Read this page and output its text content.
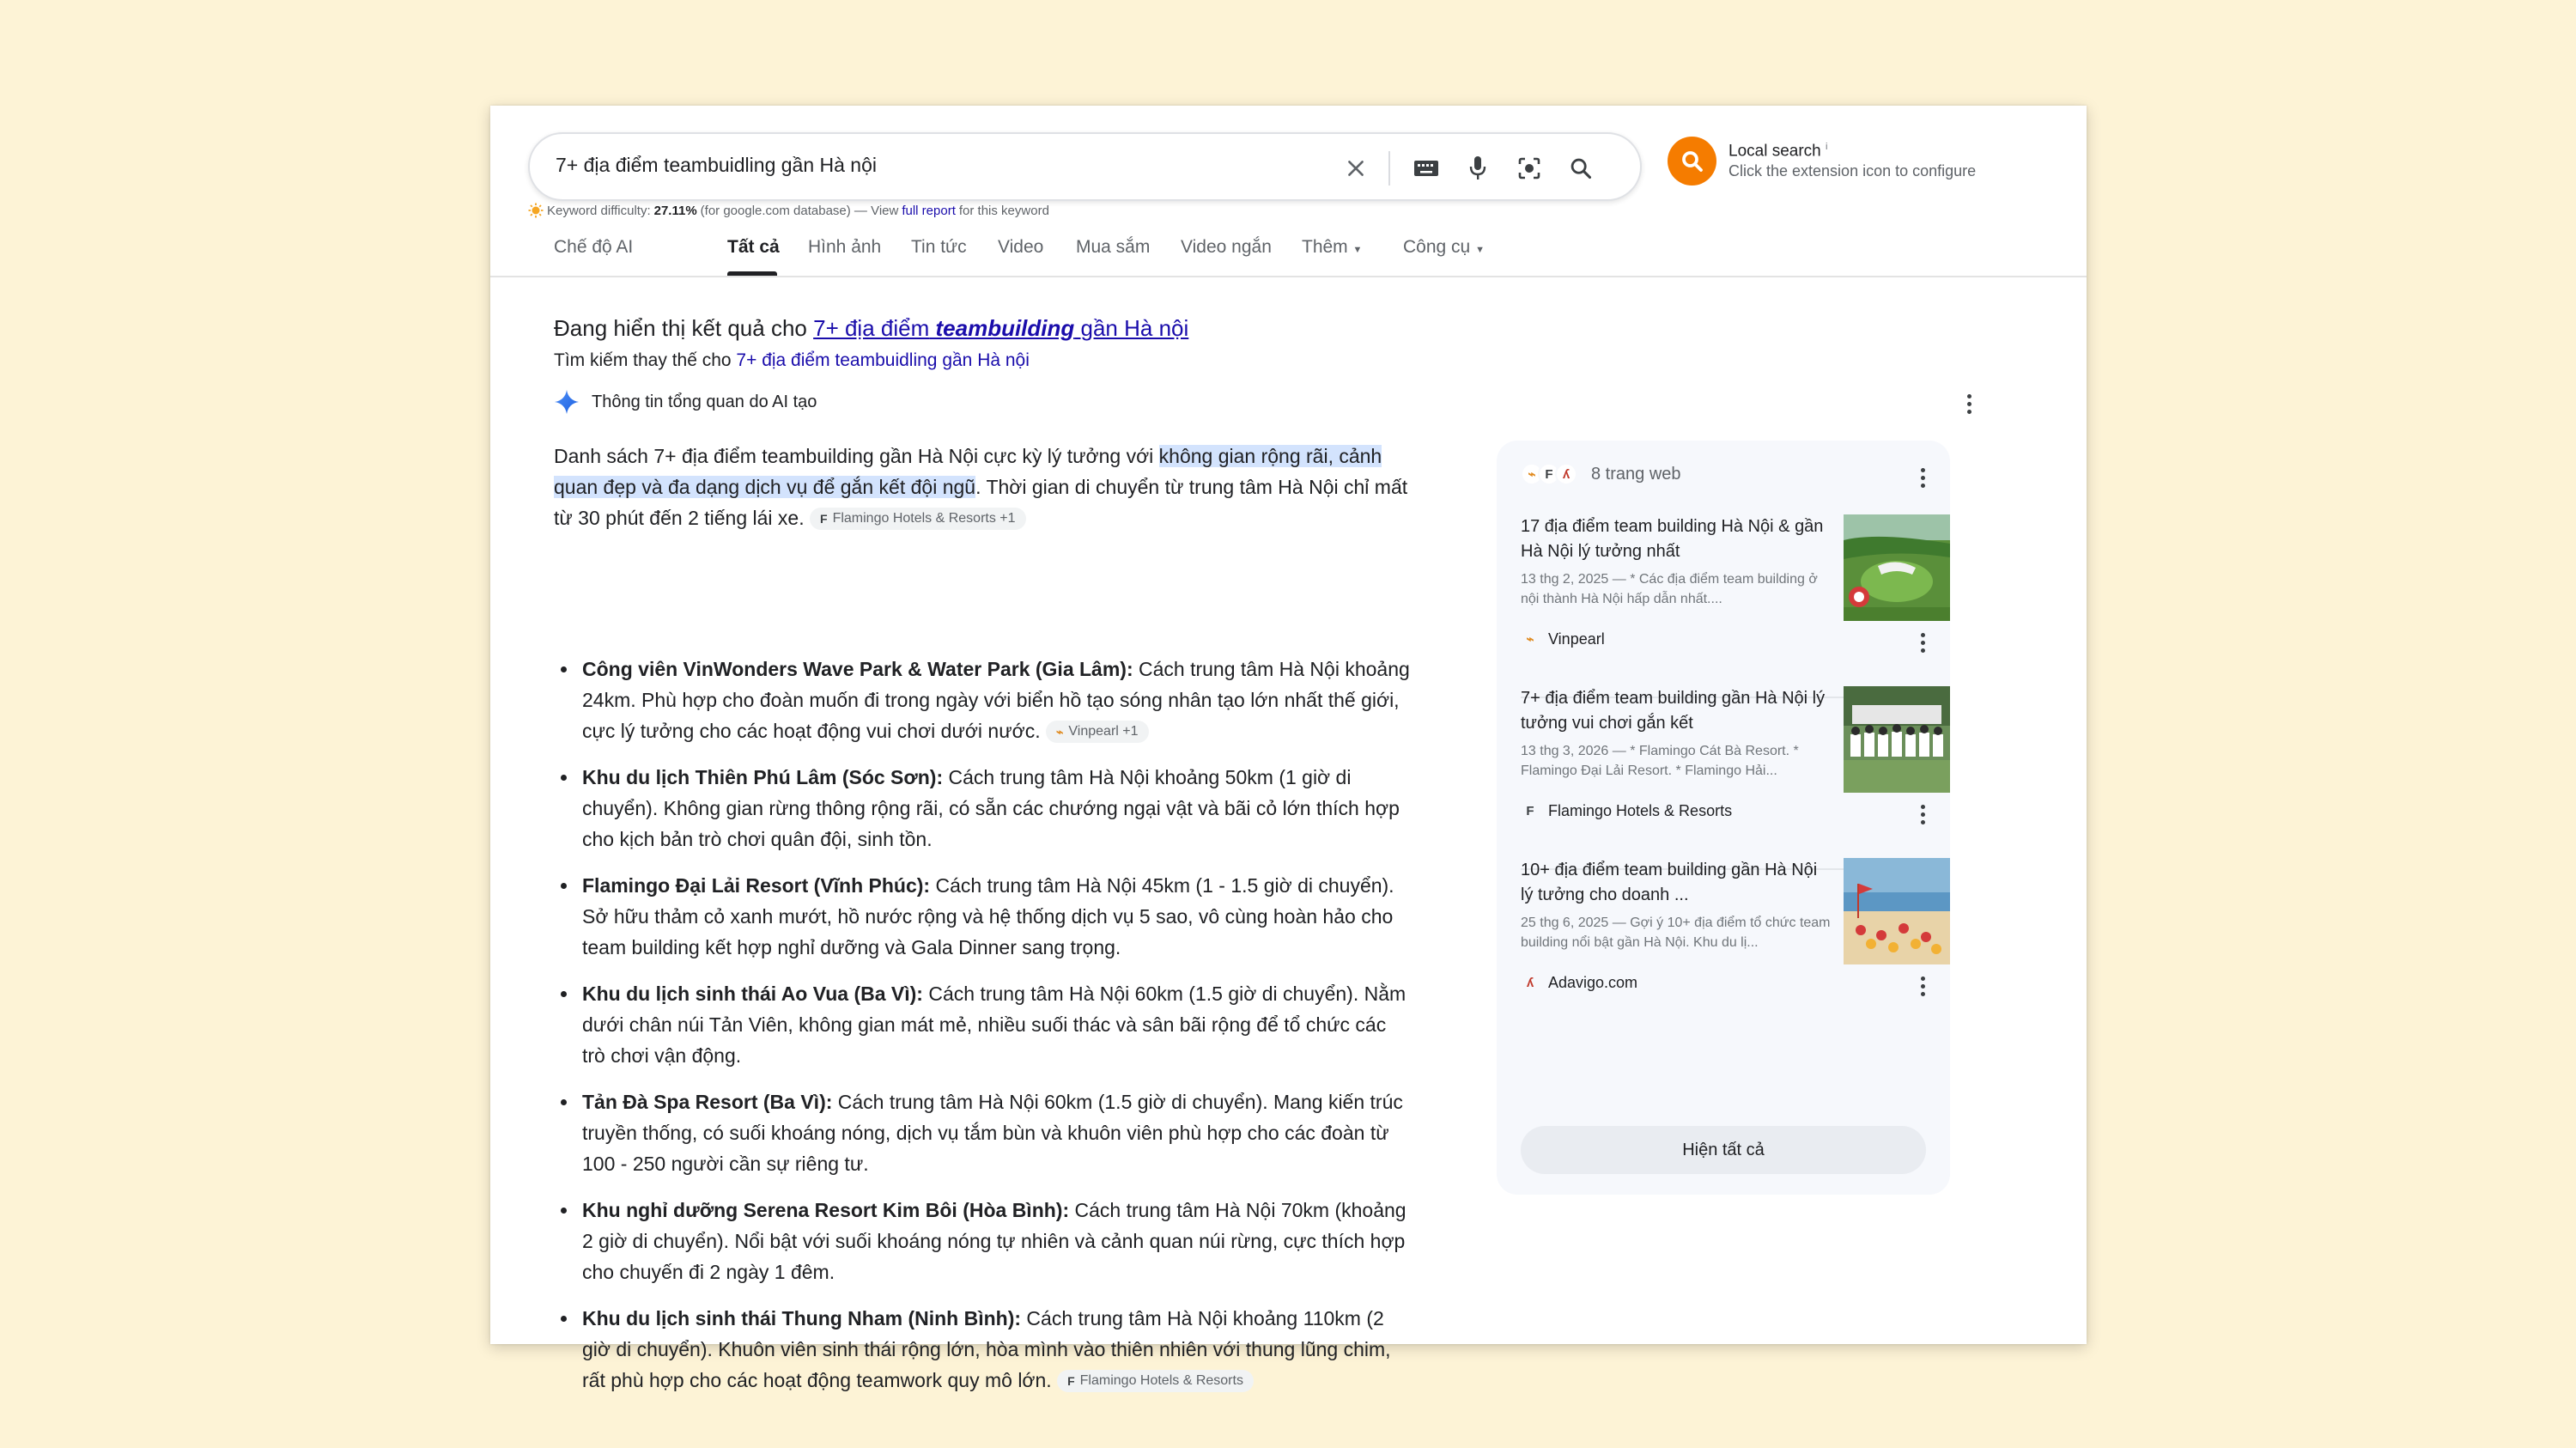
7+ địa điểm teambuidling gần Hà nội
Local search $^i$
Click the extension icon to configure
Keyword difficulty: 27.11% (for google.com database) — View full report for this keyword
Chế độ AI	Tất cả Hình ảnh Tin tức Video Mua sắm Video ngắn Thêm ▼ Công cụ ▼
Đang hiển thị kết quả cho 7+ địa điểm teambuilding gần Hà nội
Tìm kiếm thay thế cho 7+ địa điểm teambuidling gần Hà nội
Thông tin tổng quan do AI tạo
Danh sách 7+ địa điểm teambuilding gần Hà Nội cực kỳ lý tưởng với không gian rộng rãi, cảnh quan đẹp và đa dạng dịch vụ để gắn kết đội ngũ. Thời gian di chuyển từ trung tâm Hà Nội chỉ mất từ 30 phút đến 2 tiếng lái xe. F Flamingo Hotels & Resorts +1
Công viên VinWonders Wave Park & Water Park (Gia Lâm): Cách trung tâm Hà Nội khoảng 24km. Phù hợp cho đoàn muốn đi trong ngày với biển hồ tạo sóng nhân tạo lớn nhất thế giới, cực lý tưởng cho các hoạt động vui chơi dưới nước. ⌁ Vinpearl +1
Khu du lịch Thiên Phú Lâm (Sóc Sơn): Cách trung tâm Hà Nội khoảng 50km (1 giờ di chuyển). Không gian rừng thông rộng rãi, có sẵn các chướng ngại vật và bãi cỏ lớn thích hợp cho kịch bản trò chơi quân đội, sinh tồn.
Flamingo Đại Lải Resort (Vĩnh Phúc): Cách trung tâm Hà Nội 45km (1 - 1.5 giờ di chuyển). Sở hữu thảm cỏ xanh mướt, hồ nước rộng và hệ thống dịch vụ 5 sao, vô cùng hoàn hảo cho team building kết hợp nghỉ dưỡng và Gala Dinner sang trọng.
Khu du lịch sinh thái Ao Vua (Ba Vì): Cách trung tâm Hà Nội 60km (1.5 giờ di chuyển). Nằm dưới chân núi Tản Viên, không gian mát mẻ, nhiều suối thác và sân bãi rộng để tổ chức các trò chơi vận động.
Tản Đà Spa Resort (Ba Vì): Cách trung tâm Hà Nội 60km (1.5 giờ di chuyển). Mang kiến trúc truyền thống, có suối khoáng nóng, dịch vụ tắm bùn và khuôn viên phù hợp cho các đoàn từ 100 - 250 người cần sự riêng tư.
Khu nghỉ dưỡng Serena Resort Kim Bôi (Hòa Bình): Cách trung tâm Hà Nội 70km (khoảng 2 giờ di chuyển). Nổi bật với suối khoáng nóng tự nhiên và cảnh quan núi rừng, cực thích hợp cho chuyến đi 2 ngày 1 đêm.
Khu du lịch sinh thái Thung Nham (Ninh Bình): Cách trung tâm Hà Nội khoảng 110km (2 giờ di chuyển). Khuôn viên sinh thái rộng lớn, hòa mình vào thiên nhiên với thung lũng chim, rất phù hợp cho các hoạt động teamwork quy mô lớn. F Flamingo Hotels & Resorts
⌁ F ʎ	8 trang web
17 địa điểm team building Hà Nội & gần Hà Nội lý tưởng nhất
13 thg 2, 2025 — * Các địa điểm team building ở nội thành Hà Nội hấp dẫn nhất....
⌁ Vinpearl
7+ địa điểm team building gần Hà Nội lý tưởng vui chơi gắn kết
13 thg 3, 2026 — * Flamingo Cát Bà Resort. * Flamingo Đại Lải Resort. * Flamingo Hải...
F Flamingo Hotels & Resorts
10+ địa điểm team building gần Hà Nội lý tưởng cho doanh ...
25 thg 6, 2025 — Gợi ý 10+ địa điểm tổ chức team building nổi bật gần Hà Nội. Khu du lị...
ʎ Adavigo.com
Hiện tất cả
